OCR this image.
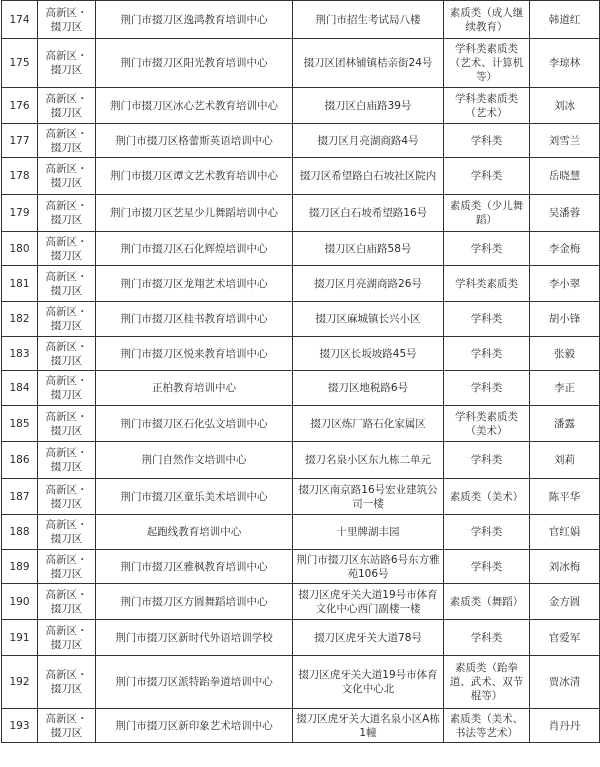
174	高新区・掇刀区	荆门市掇刀区逸鸿教育培训中心	荆门市招生考试局八楼	素质类（成人继续教育）	韩道红
175	高新区・掇刀区	荆门市掇刀区阳光教育培训中心	掇刀区团林铺镇桔亲街24号	学科类素质类（艺术、计算机等）	李琼林
176	高新区・掇刀区	荆门市掇刀区冰心艺术教育培训中心	掇刀区白庙路39号	学科类素质类（艺术）	刘冰
177	高新区・掇刀区	荆门市掇刀区格蕾斯英语培训中心	掇刀区月亮湖商路4号	学科类	刘雪兰
178	高新区・掇刀区	荆门市掇刀区谭文艺术教育培训中心	掇刀区希望路白石坡社区院内	学科类	岳晓慧
179	高新区・掇刀区	荆门市掇刀区艺星少儿舞蹈培训中心	掇刀区白石坡希望路16号	素质类（少儿舞蹈）	吴潘蓉
180	高新区・掇刀区	荆门市掇刀区石化辉煌培训中心	掇刀区白庙路58号	学科类	李金梅
181	高新区・掇刀区	荆门市掇刀区龙翔艺术培训中心	掇刀区月亮湖商路26号	学科类素质类	李小翠
182	高新区・掇刀区	荆门市掇刀区桂书教育培训中心	掇刀区麻城镇长兴小区	学科类	胡小锋
183	高新区・掇刀区	荆门市掇刀区悦来教育培训中心	掇刀区长坂坡路45号	学科类	张毅
184	高新区・掇刀区	正柏教育培训中心	掇刀区地税路6号	学科类	李正
185	高新区・掇刀区	荆门市掇刀区石化弘文培训中心	掇刀区炼厂路石化家属区	学科类素质类（美术）	潘露
186	高新区・掇刀区	荆门自然作文培训中心	掇刀名泉小区东九栋二单元	学科类	刘莉
187	高新区・掇刀区	荆门市掇刀区童乐美术培训中心	掇刀区南京路16号宏业建筑公司一楼	素质类（美术）	陈平华
188	高新区・掇刀区	起跑线教育培训中心	十里牌湖丰园	学科类	官红娟
189	高新区・掇刀区	荆门市掇刀区雅枫教育培训中心	荆门市掇刀区东站路6号东方雅苑106号	学科类	刘冰梅
190	高新区・掇刀区	荆门市掇刀区方圆舞蹈培训中心	掇刀区虎牙关大道19号市体育文化中心西门副楼一楼	素质类（舞蹈）	金方圆
191	高新区・掇刀区	荆门市掇刀区新时代外语培训学校	掇刀区虎牙关大道78号	学科类	官爱军
192	高新区・掇刀区	荆门市掇刀区派特跆拳道培训中心	掇刀区虎牙关大道19号市体育文化中心北	素质类（跆拳道、武术、双节棍等）	贾冰清
193	高新区・掇刀区	荆门市掇刀区新印象艺术培训中心	掇刀区虎牙关大道名泉小区A栋1幢	素质类（美术、书法等艺术）	肖丹丹
